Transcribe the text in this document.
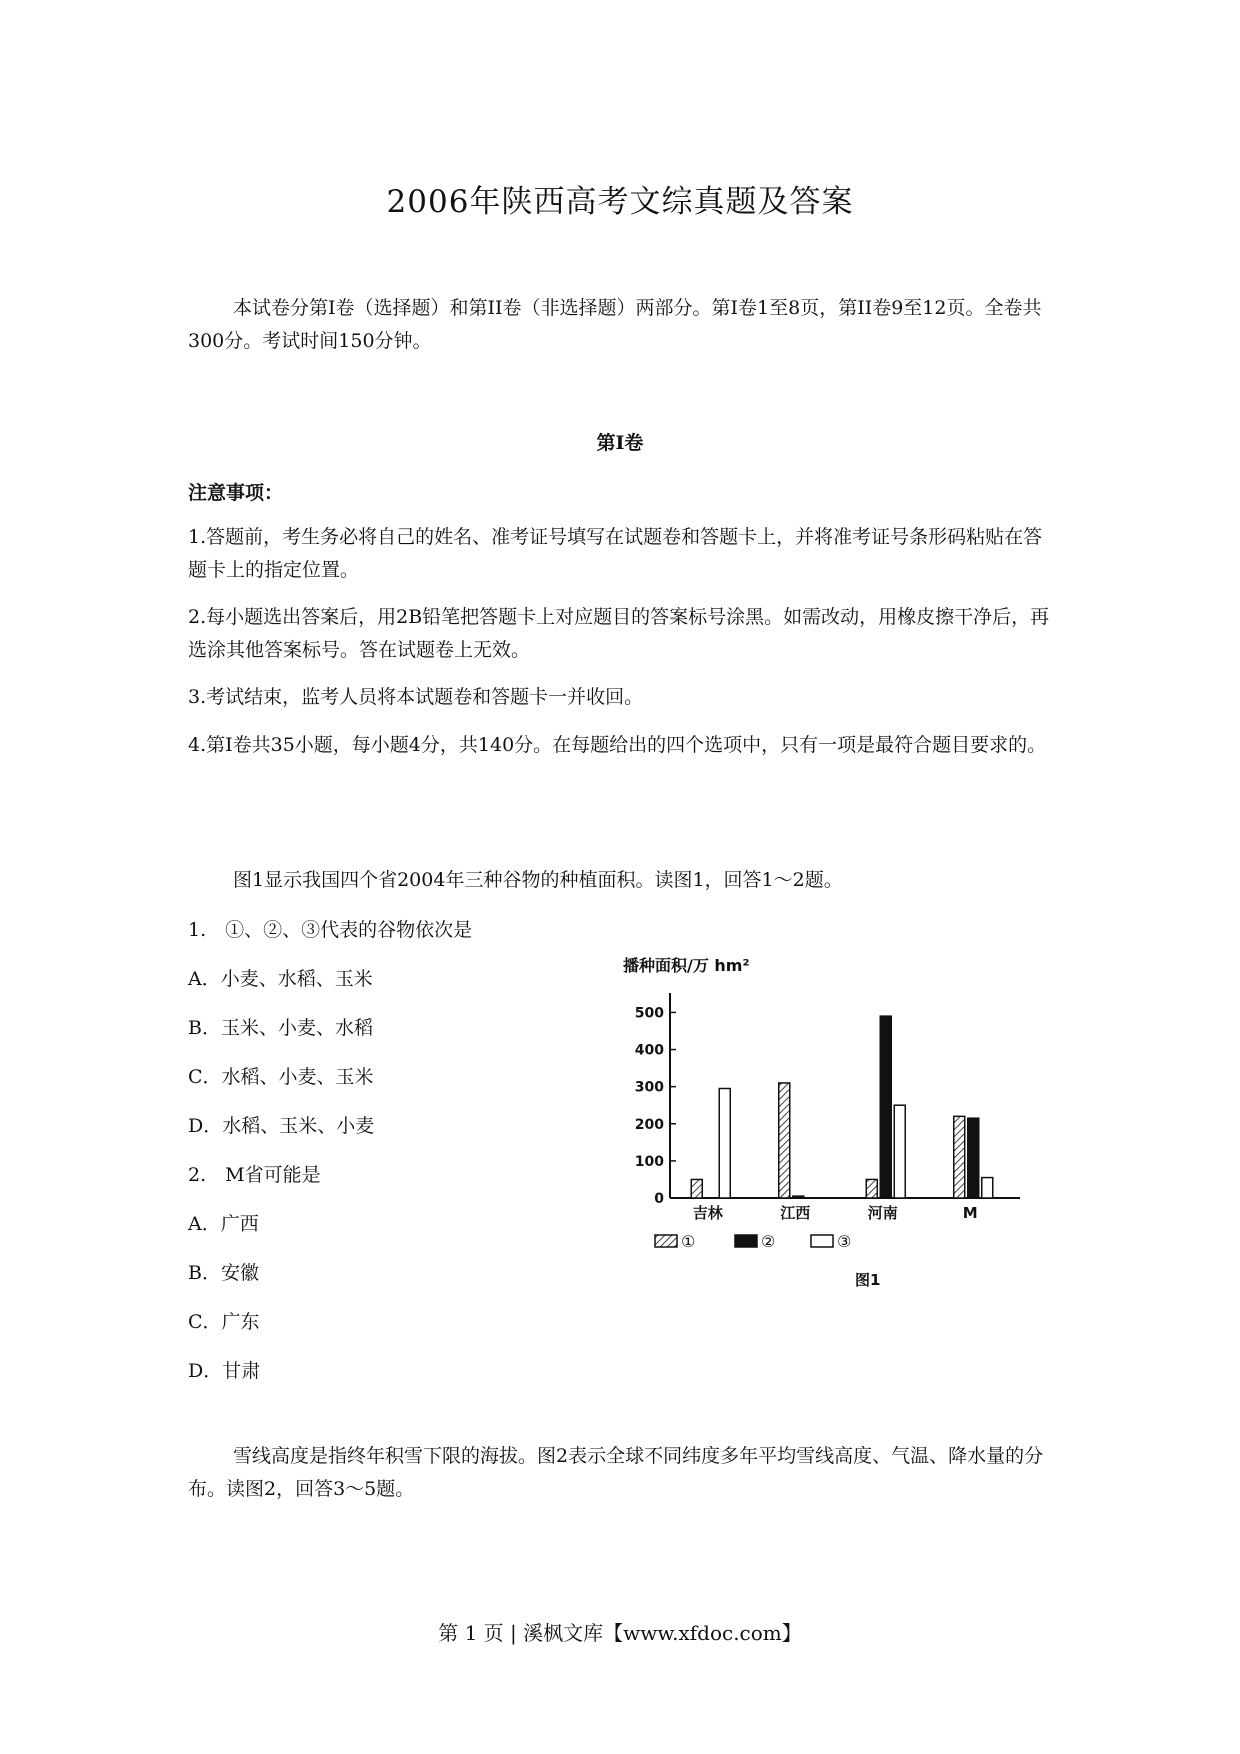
2006年陕西高考文综真题及答案
本试卷分第I卷（选择题）和第II卷（非选择题）两部分。第I卷1至8页，第II卷9至12页。全卷共300分。考试时间150分钟。
第I卷
注意事项：
1.答题前，考生务必将自己的姓名、准考证号填写在试题卷和答题卡上，并将准考证号条形码粘贴在答题卡上的指定位置。
2.每小题选出答案后，用2B铅笔把答题卡上对应题目的答案标号涂黑。如需改动，用橡皮擦干净后，再选涂其他答案标号。答在试题卷上无效。
3.考试结束，监考人员将本试题卷和答题卡一并收回。
4.第I卷共35小题，每小题4分，共140分。在每题给出的四个选项中，只有一项是最符合题目要求的。
图1显示我国四个省2004年三种谷物的种植面积。读图1，回答1～2题。
1.　①、②、③代表的谷物依次是
A．小麦、水稻、玉米
B．玉米、小麦、水稻
C．水稻、小麦、玉米
D．水稻、玉米、小麦
2.　M省可能是
A．广西
B．安徽
C．广东
D．甘肃
播种面积/万 hm²
0
100
200
300
400
500
吉林	江西	河南	M
①	②	③
图1
雪线高度是指终年积雪下限的海拔。图2表示全球不同纬度多年平均雪线高度、气温、降水量的分布。读图2，回答3～5题。
第 1 页 | 溪枫文库【www.xfdoc.com】
